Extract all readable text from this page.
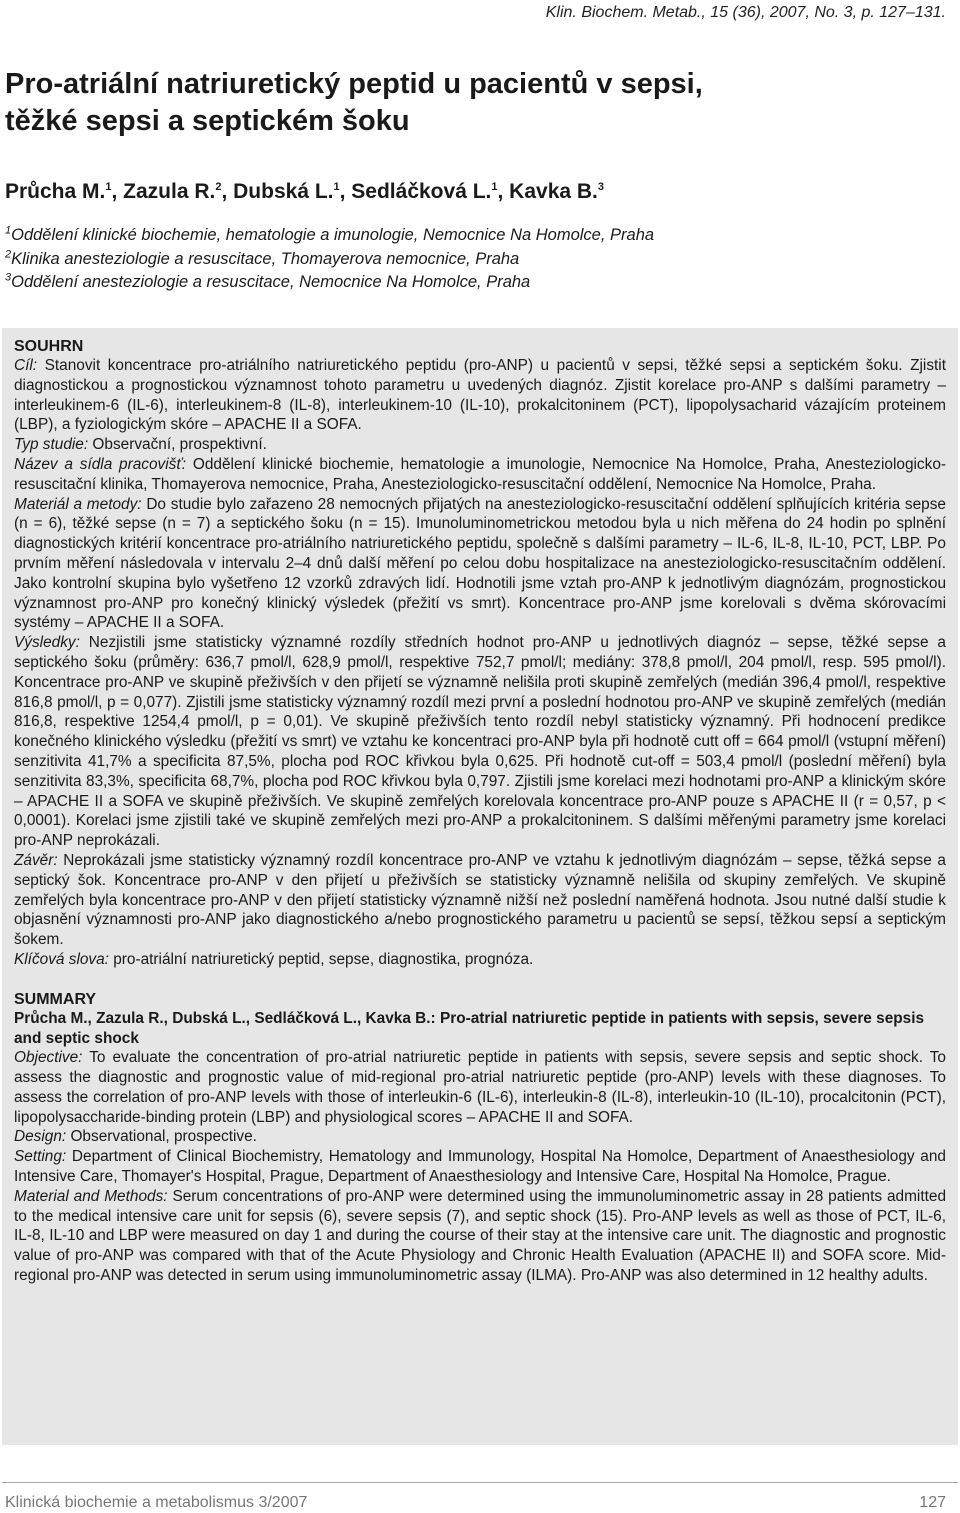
Klin. Biochem. Metab., 15 (36), 2007, No. 3, p. 127–131.
Pro-atriální natriuretický peptid u pacientů v sepsi,
těžké sepsi a septickém šoku
Průcha M.$^1$, Zazula R.$^2$, Dubská L.$^1$, Sedláčková L.$^1$, Kavka B.$^3$
$^1$Oddělení klinické biochemie, hematologie a imunologie, Nemocnice Na Homolce, Praha
$^2$Klinika anesteziologie a resuscitace, Thomayerova nemocnice, Praha
$^3$Oddělení anesteziologie a resuscitace, Nemocnice Na Homolce, Praha

SOUHRN

Cíl: Stanovit koncentrace pro-atriálního natriuretického peptidu (pro-ANP) u pacientů v sepsi, těžké sepsi a septickém šoku. Zjistit diagnostickou a prognostickou významnost tohoto parametru u uvedených diagnóz. Zjistit korelace pro-ANP s dalšími parametry – interleukinem-6 (IL-6), interleukinem-8 (IL-8), interleukinem-10 (IL-10), prokalcitoninem (PCT), lipopolysacharid vázajícím proteinem (LBP), a fyziologickým skóre – APACHE II a SOFA.

Typ studie: Observační, prospektivní.

Název a sídla pracovišť: Oddělení klinické biochemie, hematologie a imunologie, Nemocnice Na Homolce, Praha, Anesteziologicko-resuscitační klinika, Thomayerova nemocnice, Praha, Anesteziologicko-resuscitační oddělení, Nemocnice Na Homolce, Praha.

Materiál a metody: Do studie bylo zařazeno 28 nemocných přijatých na anesteziologicko-resuscitační oddělení splňujících kritéria sepse (n = 6), těžké sepse (n = 7) a septického šoku (n = 15). Imunoluminometrickou metodou byla u nich měřena do 24 hodin po splnění diagnostických kritérií koncentrace pro-atriálního natriuretického peptidu, společně s dalšími parametry – IL-6, IL-8, IL-10, PCT, LBP. Po prvním měření následovala v intervalu 2–4 dnů další měření po celou dobu hospitalizace na anesteziologicko-resuscitačním oddělení. Jako kontrolní skupina bylo vyšetřeno 12 vzorků zdravých lidí. Hodnotili jsme vztah pro-ANP k jednotlivým diagnózám, prognostickou významnost pro-ANP pro konečný klinický výsledek (přežití vs smrt). Koncentrace pro-ANP jsme korelovali s dvěma skórovacími systémy – APACHE II a SOFA.

Výsledky: Nezjistili jsme statisticky významné rozdíly středních hodnot pro-ANP u jednotlivých diagnóz – sepse, těžké sepse a septického šoku (průměry: 636,7 pmol/l, 628,9 pmol/l, respektive 752,7 pmol/l; mediány: 378,8 pmol/l, 204 pmol/l, resp. 595 pmol/l). Koncentrace pro-ANP ve skupině přeživších v den přijetí se významně nelišila proti skupině zemřelých (medián 396,4 pmol/l, respektive 816,8 pmol/l, p = 0,077). Zjistili jsme statisticky významný rozdíl mezi první a poslední hodnotou pro-ANP ve skupině zemřelých (medián 816,8, respektive 1254,4 pmol/l, p = 0,01). Ve skupině přeživších tento rozdíl nebyl statisticky významný. Při hodnocení predikce konečného klinického výsledku (přežití vs smrt) ve vztahu ke koncentraci pro-ANP byla při hodnotě cutt off = 664 pmol/l (vstupní měření) senzitivita 41,7% a specificita 87,5%, plocha pod ROC křivkou byla 0,625. Při hodnotě cut-off = 503,4 pmol/l (poslední měření) byla senzitivita 83,3%, specificita 68,7%, plocha pod ROC křivkou byla 0,797. Zjistili jsme korelaci mezi hodnotami pro-ANP a klinickým skóre – APACHE II a SOFA ve skupině přeživších. Ve skupině zemřelých korelovala koncentrace pro-ANP pouze s APACHE II (r = 0,57, p < 0,0001). Korelaci jsme zjistili také ve skupině zemřelých mezi pro-ANP a prokalcitoninem. S dalšími měřenými parametry jsme korelaci pro-ANP neprokázali.

Závěr: Neprokázali jsme statisticky významný rozdíl koncentrace pro-ANP ve vztahu k jednotlivým diagnózám – sepse, těžká sepse a septický šok. Koncentrace pro-ANP v den přijetí u přeživších se statisticky významně nelišila od skupiny zemřelých. Ve skupině zemřelých byla koncentrace pro-ANP v den přijetí statisticky významně nižší než poslední naměřená hodnota. Jsou nutné další studie k objasnění významnosti pro-ANP jako diagnostického a/nebo prognostického parametru u pacientů se sepsí, těžkou sepsí a septickým šokem.

Klíčová slova: pro-atriální natriuretický peptid, sepse, diagnostika, prognóza.

SUMMARY

Průcha M., Zazula R., Dubská L., Sedláčková L., Kavka B.: Pro-atrial natriuretic peptide in patients with sepsis, severe sepsis and septic shock

Objective: To evaluate the concentration of pro-atrial natriuretic peptide in patients with sepsis, severe sepsis and septic shock. To assess the diagnostic and prognostic value of mid-regional pro-atrial natriuretic peptide (pro-ANP) levels with these diagnoses. To assess the correlation of pro-ANP levels with those of interleukin-6 (IL-6), interleukin-8 (IL-8), interleukin-10 (IL-10), procalcitonin (PCT), lipopolysaccharide-binding protein (LBP) and physiological scores – APACHE II and SOFA.

Design: Observational, prospective.

Setting: Department of Clinical Biochemistry, Hematology and Immunology, Hospital Na Homolce, Department of Anaesthesiology and Intensive Care, Thomayer's Hospital, Prague, Department of Anaesthesiology and Intensive Care, Hospital Na Homolce, Prague.

Material and Methods: Serum concentrations of pro-ANP were determined using the immunoluminometric assay in 28 patients admitted to the medical intensive care unit for sepsis (6), severe sepsis (7), and septic shock (15). Pro-ANP levels as well as those of PCT, IL-6, IL-8, IL-10 and LBP were measured on day 1 and during the course of their stay at the intensive care unit. The diagnostic and prognostic value of pro-ANP was compared with that of the Acute Physiology and Chronic Health Evaluation (APACHE II) and SOFA score. Mid-regional pro-ANP was detected in serum using immunoluminometric assay (ILMA). Pro-ANP was also determined in 12 healthy adults.

Klinická biochemie a metabolismus 3/2007	127
